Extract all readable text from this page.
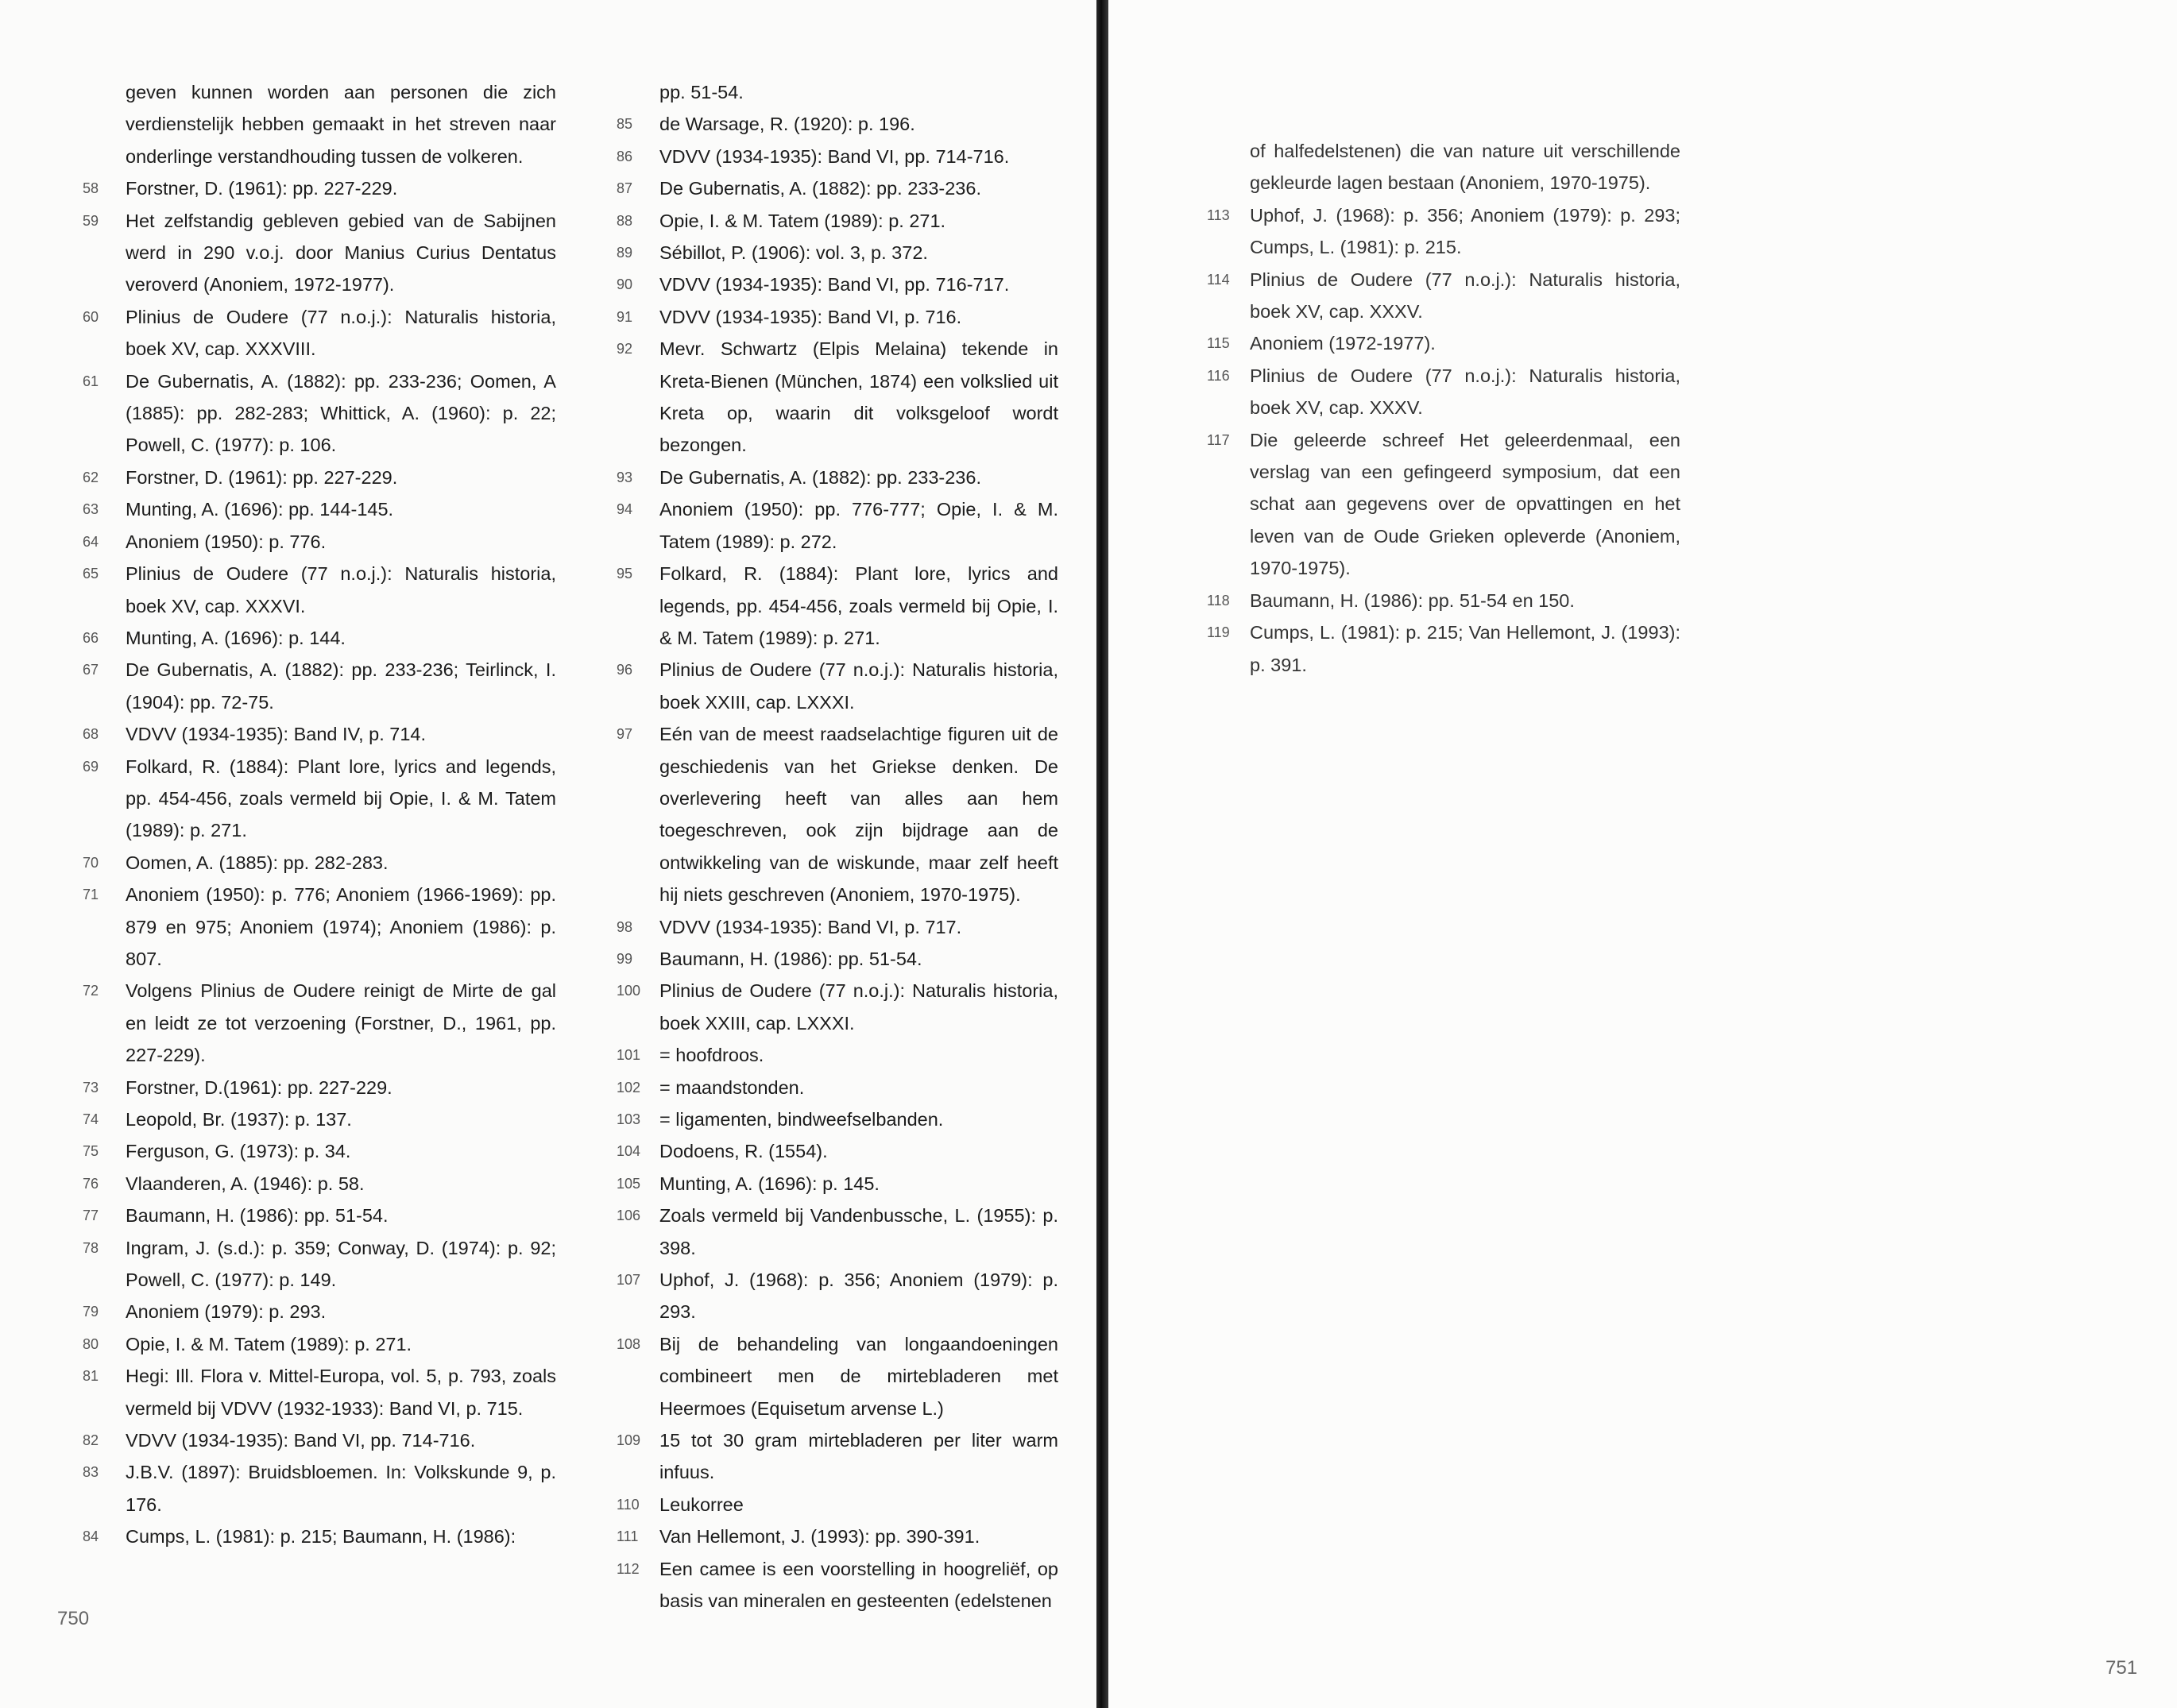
geven kunnen worden aan personen die zich verdienstelijk hebben gemaakt in het streven naar onderlinge verstandhouding tussen de volkeren.
58	Forstner, D. (1961): pp. 227-229.
59	Het zelfstandig gebleven gebied van de Sabijnen werd in 290 v.o.j. door Manius Curius Dentatus veroverd (Anoniem, 1972-1977).
60	Plinius de Oudere (77 n.o.j.): Naturalis historia, boek XV, cap. XXXVIII.
61	De Gubernatis, A. (1882): pp. 233-236; Oomen, A (1885): pp. 282-283; Whittick, A. (1960): p. 22; Powell, C. (1977): p. 106.
62	Forstner, D. (1961): pp. 227-229.
63	Munting, A. (1696): pp. 144-145.
64	Anoniem (1950): p. 776.
65	Plinius de Oudere (77 n.o.j.): Naturalis historia, boek XV, cap. XXXVI.
66	Munting, A. (1696): p. 144.
67	De Gubernatis, A. (1882): pp. 233-236; Teirlinck, I. (1904): pp. 72-75.
68	VDVV (1934-1935): Band IV, p. 714.
69	Folkard, R. (1884): Plant lore, lyrics and legends, pp. 454-456, zoals vermeld bij Opie, I. & M. Tatem (1989): p. 271.
70	Oomen, A. (1885): pp. 282-283.
71	Anoniem (1950): p. 776; Anoniem (1966-1969): pp. 879 en 975; Anoniem (1974); Anoniem (1986): p. 807.
72	Volgens Plinius de Oudere reinigt de Mirte de gal en leidt ze tot verzoening (Forstner, D., 1961, pp. 227-229).
73	Forstner, D.(1961): pp. 227-229.
74	Leopold, Br. (1937): p. 137.
75	Ferguson, G. (1973): p. 34.
76	Vlaanderen, A. (1946): p. 58.
77	Baumann, H. (1986): pp. 51-54.
78	Ingram, J. (s.d.): p. 359; Conway, D. (1974): p. 92; Powell, C. (1977): p. 149.
79	Anoniem (1979): p. 293.
80	Opie, I. & M. Tatem (1989): p. 271.
81	Hegi: Ill. Flora v. Mittel-Europa, vol. 5, p. 793, zoals vermeld bij VDVV (1932-1933): Band VI, p. 715.
82	VDVV (1934-1935): Band VI, pp. 714-716.
83	J.B.V. (1897): Bruidsbloemen. In: Volkskunde 9, p. 176.
84	Cumps, L. (1981): p. 215; Baumann, H. (1986):
pp. 51-54.
85	de Warsage, R. (1920): p. 196.
86	VDVV (1934-1935): Band VI, pp. 714-716.
87	De Gubernatis, A. (1882): pp. 233-236.
88	Opie, I. & M. Tatem (1989): p. 271.
89	Sébillot, P. (1906): vol. 3, p. 372.
90	VDVV (1934-1935): Band VI, pp. 716-717.
91	VDVV (1934-1935): Band VI, p. 716.
92	Mevr. Schwartz (Elpis Melaina) tekende in Kreta-Bienen (München, 1874) een volkslied uit Kreta op, waarin dit volksgeloof wordt bezongen.
93	De Gubernatis, A. (1882): pp. 233-236.
94	Anoniem (1950): pp. 776-777; Opie, I. & M. Tatem (1989): p. 272.
95	Folkard, R. (1884): Plant lore, lyrics and legends, pp. 454-456, zoals vermeld bij Opie, I. & M. Tatem (1989): p. 271.
96	Plinius de Oudere (77 n.o.j.): Naturalis historia, boek XXIII, cap. LXXXI.
97	Eén van de meest raadselachtige figuren uit de geschiedenis van het Griekse denken. De overlevering heeft van alles aan hem toegeschreven, ook zijn bijdrage aan de ontwikkeling van de wiskunde, maar zelf heeft hij niets geschreven (Anoniem, 1970-1975).
98	VDVV (1934-1935): Band VI, p. 717.
99	Baumann, H. (1986): pp. 51-54.
100	Plinius de Oudere (77 n.o.j.): Naturalis historia, boek XXIII, cap. LXXXI.
101	= hoofdroos.
102	= maandstonden.
103	= ligamenten, bindweefselbanden.
104	Dodoens, R. (1554).
105	Munting, A. (1696): p. 145.
106	Zoals vermeld bij Vandenbussche, L. (1955): p. 398.
107	Uphof, J. (1968): p. 356; Anoniem (1979): p. 293.
108	Bij de behandeling van longaandoeningen combineert men de mirtebladeren met Heermoes (Equisetum arvense L.)
109	15 tot 30 gram mirtebladeren per liter warm infuus.
110	Leukorree
111	Van Hellemont, J. (1993): pp. 390-391.
112	Een camee is een voorstelling in hoogreliëf, op basis van mineralen en gesteenten (edelstenen
750
751
of halfedelstenen) die van nature uit verschillende gekleurde lagen bestaan (Anoniem, 1970-1975).
113	Uphof, J. (1968): p. 356; Anoniem (1979): p. 293; Cumps, L. (1981): p. 215.
114	Plinius de Oudere (77 n.o.j.): Naturalis historia, boek XV, cap. XXXV.
115	Anoniem (1972-1977).
116	Plinius de Oudere (77 n.o.j.): Naturalis historia, boek XV, cap. XXXV.
117	Die geleerde schreef Het geleerdenmaal, een verslag van een gefingeerd symposium, dat een schat aan gegevens over de opvattingen en het leven van de Oude Grieken opleverde (Anoniem, 1970-1975).
118	Baumann, H. (1986): pp. 51-54 en 150.
119	Cumps, L. (1981): p. 215; Van Hellemont, J. (1993): p. 391.
